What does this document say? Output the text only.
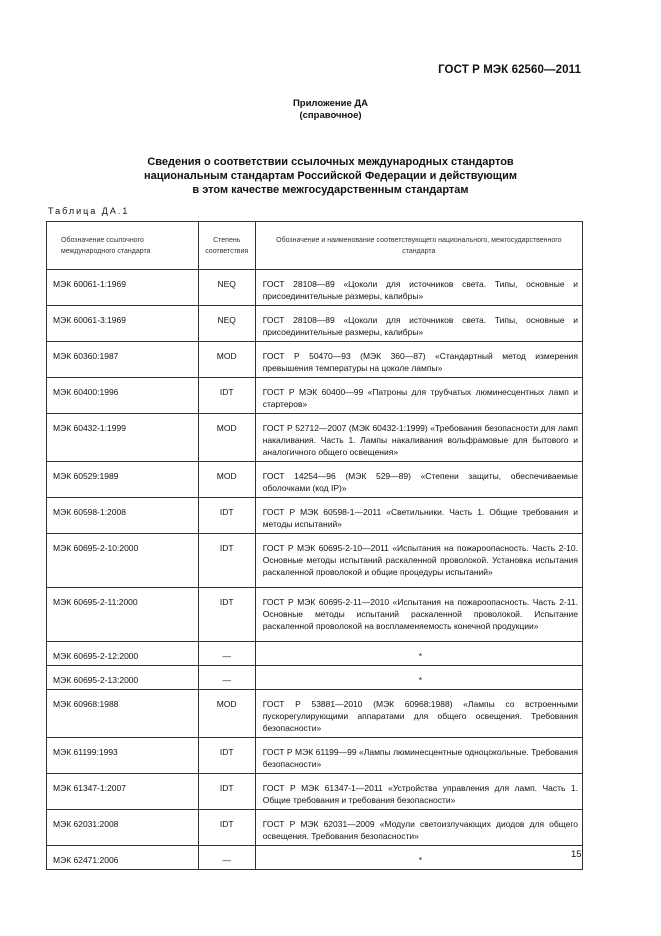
ГОСТ Р МЭК 62560—2011
Приложение ДА
(справочное)
Сведения о соответствии ссылочных международных стандартов
национальным стандартам Российской Федерации и действующим
в этом качестве межгосударственным стандартам
Таблица ДА.1
Обозначение ссылочного международного стандарта	Степень соответствия	Обозначение и наименование соответствующего национального, межгосударственного стандарта
МЭК 60061-1:1969	NEQ	ГОСТ 28108—89 «Цоколи для источников света. Типы, основные и присоединительные размеры, калибры»
МЭК 60061-3:1969	NEQ	ГОСТ 28108—89 «Цоколи для источников света. Типы, основные и присоединительные размеры, калибры»
МЭК 60360:1987	MOD	ГОСТ Р 50470—93 (МЭК 360—87) «Стандартный метод измерения превышения температуры на цоколе лампы»
МЭК 60400:1996	IDT	ГОСТ Р МЭК 60400—99 «Патроны для трубчатых люминесцентных ламп и стартеров»
МЭК 60432-1:1999	MOD	ГОСТ Р 52712—2007 (МЭК 60432-1:1999) «Требования безопасности для ламп накаливания. Часть 1. Лампы накаливания вольфрамовые для бытового и аналогичного общего освещения»
МЭК 60529:1989	MOD	ГОСТ 14254—96 (МЭК 529—89) «Степени защиты, обеспечиваемые оболочками (код IP)»
МЭК 60598-1:2008	IDT	ГОСТ Р МЭК 60598-1—2011 «Светильники. Часть 1. Общие требования и методы испытаний»
МЭК 60695-2-10:2000	IDT	ГОСТ Р МЭК 60695-2-10—2011 «Испытания на пожароопасность. Часть 2-10. Основные методы испытаний раскаленной проволокой. Установка испытания раскаленной проволокой и общие процедуры испытаний»
МЭК 60695-2-11:2000	IDT	ГОСТ Р МЭК 60695-2-11—2010 «Испытания на пожароопасность. Часть 2-11. Основные методы испытаний раскаленной проволокой. Испытание раскаленной проволокой на воспламеняемость конечной продукции»
МЭК 60695-2-12:2000	—	*
МЭК 60695-2-13:2000	—	*
МЭК 60968:1988	MOD	ГОСТ Р 53881—2010 (МЭК 60968:1988) «Лампы со встроенными пускорегулирующими аппаратами для общего освещения. Требования безопасности»
МЭК 61199:1993	IDT	ГОСТ Р МЭК 61199—99 «Лампы люминесцентные одноцокольные. Требования безопасности»
МЭК 61347-1:2007	IDT	ГОСТ Р МЭК 61347-1—2011 «Устройства управления для ламп. Часть 1. Общие требования и требования безопасности»
МЭК 62031:2008	IDT	ГОСТ Р МЭК 62031—2009 «Модули светоизлучающих диодов для общего освещения. Требования безопасности»
МЭК 62471:2006	—	*	15
